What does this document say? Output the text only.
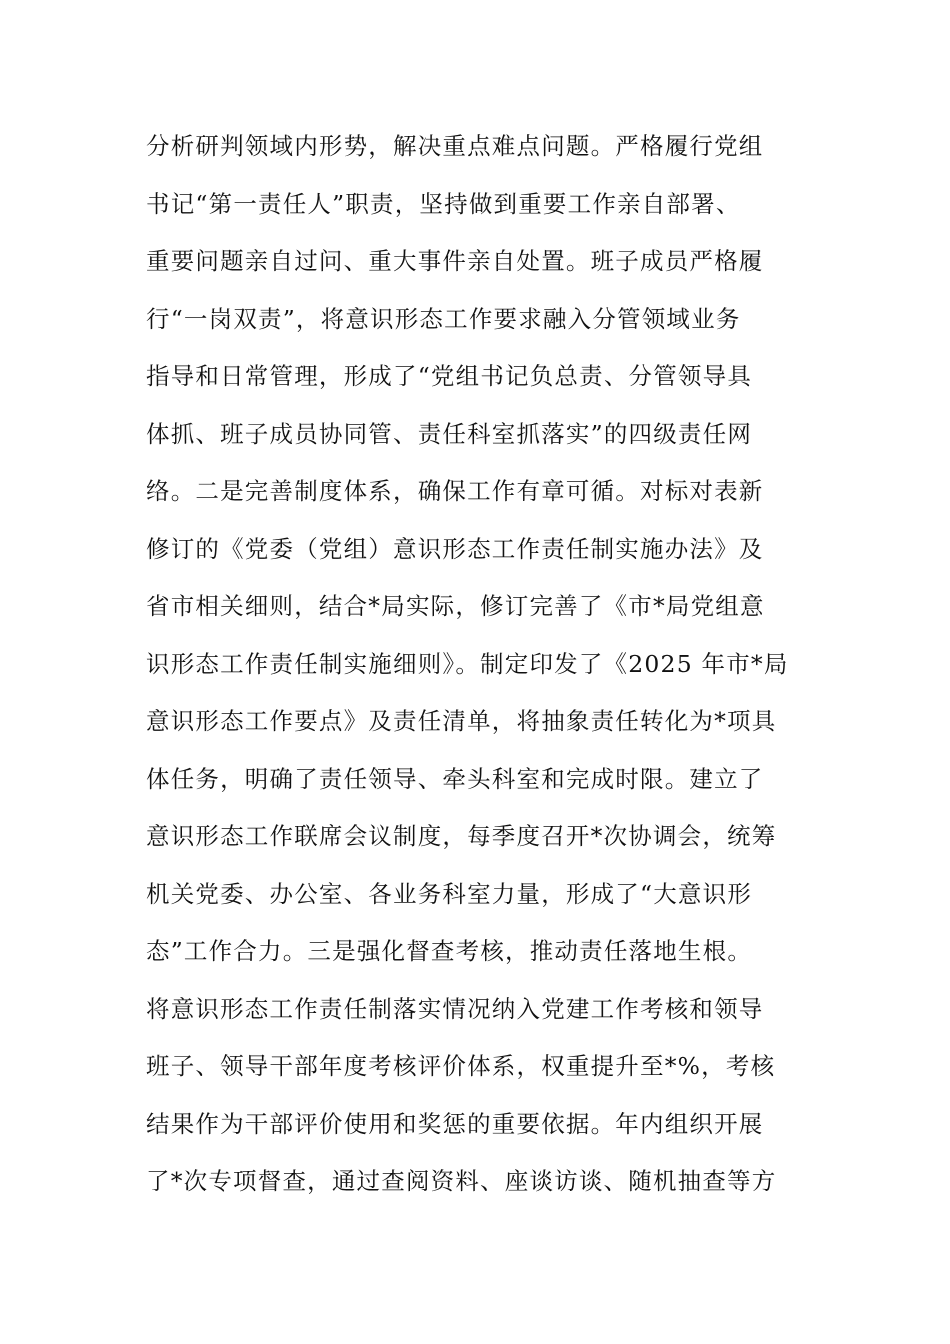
分析研判领域内形势，解决重点难点问题。严格履行党组
书记“第一责任人”职责，坚持做到重要工作亲自部署、
重要问题亲自过问、重大事件亲自处置。班子成员严格履
行“一岗双责”，将意识形态工作要求融入分管领域业务
指导和日常管理，形成了“党组书记负总责、分管领导具
体抓、班子成员协同管、责任科室抓落实”的四级责任网
络。二是完善制度体系，确保工作有章可循。对标对表新
修订的《党委（党组）意识形态工作责任制实施办法》及
省市相关细则，结合*局实际，修订完善了《市*局党组意
识形态工作责任制实施细则》。制定印发了《2025 年市*局
意识形态工作要点》及责任清单，将抽象责任转化为*项具
体任务，明确了责任领导、牵头科室和完成时限。建立了
意识形态工作联席会议制度，每季度召开*次协调会，统筹
机关党委、办公室、各业务科室力量，形成了“大意识形
态”工作合力。三是强化督查考核，推动责任落地生根。
将意识形态工作责任制落实情况纳入党建工作考核和领导
班子、领导干部年度考核评价体系，权重提升至*%，考核
结果作为干部评价使用和奖惩的重要依据。年内组织开展
了*次专项督查，通过查阅资料、座谈访谈、随机抽查等方
